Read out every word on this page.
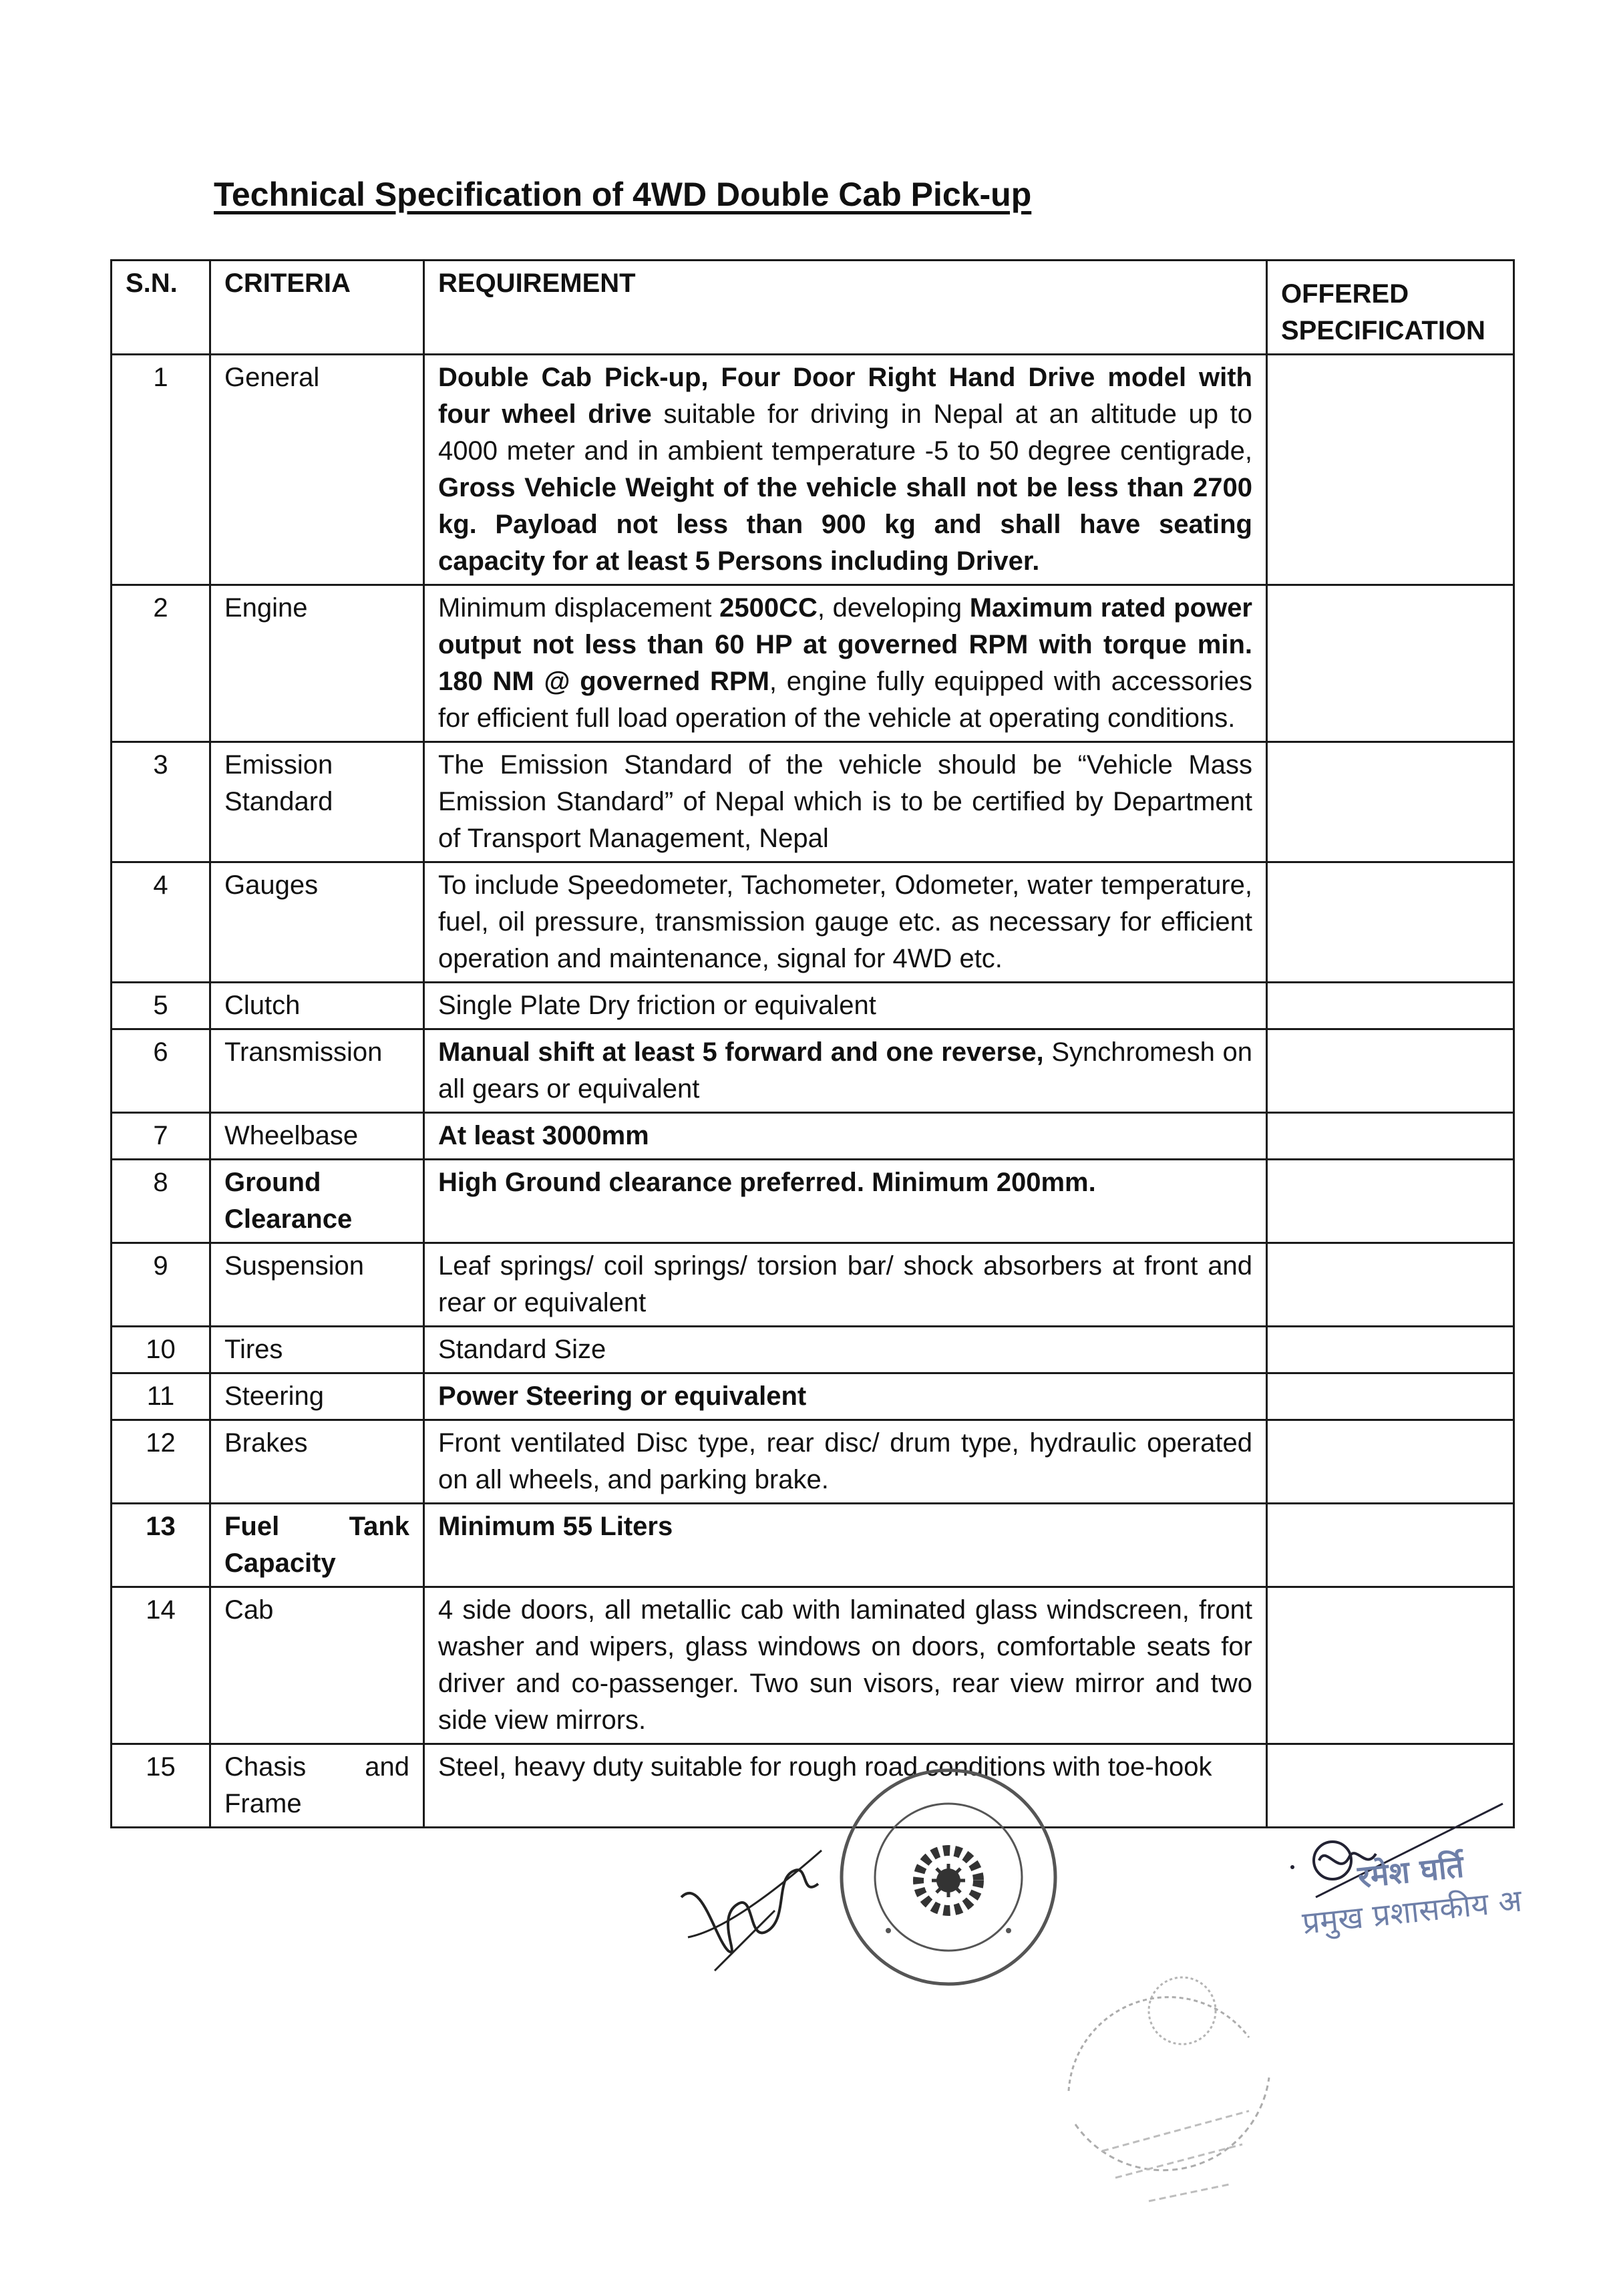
Technical Specification of 4WD Double Cab Pick-up
S.N.	CRITERIA	REQUIREMENT	OFFERED SPECIFICATION
1	General	Double Cab Pick-up, Four Door Right Hand Drive model with four wheel drive suitable for driving in Nepal at an altitude up to 4000 meter and in ambient temperature -5 to 50 degree centigrade, Gross Vehicle Weight of the vehicle shall not be less than 2700 kg. Payload not less than 900 kg and shall have seating capacity for at least 5 Persons including Driver.	
2	Engine	Minimum displacement 2500CC, developing Maximum rated power output not less than 60 HP at governed RPM with torque min. 180 NM @ governed RPM, engine fully equipped with accessories for efficient full load operation of the vehicle at operating conditions.	
3	Emission Standard	The Emission Standard of the vehicle should be “Vehicle Mass Emission Standard” of Nepal which is to be certified by Department of Transport Management, Nepal	
4	Gauges	To include Speedometer, Tachometer, Odometer, water temperature, fuel, oil pressure, transmission gauge etc. as necessary for efficient operation and maintenance, signal for 4WD etc.	
5	Clutch	Single Plate Dry friction or equivalent	
6	Transmission	Manual shift at least 5 forward and one reverse, Synchromesh on all gears or equivalent	
7	Wheelbase	At least 3000mm	
8	Ground Clearance	High Ground clearance preferred. Minimum 200mm.	
9	Suspension	Leaf springs/ coil springs/ torsion bar/ shock absorbers at front and rear or equivalent	
10	Tires	Standard Size	
11	Steering	Power Steering or equivalent	
12	Brakes	Front ventilated Disc type, rear disc/ drum type, hydraulic operated on all wheels, and parking brake.	
13	Fuel Tank Capacity	Minimum 55 Liters	
14	Cab	4 side doors, all metallic cab with laminated glass windscreen, front washer and wipers, glass windows on doors, comfortable seats for driver and co-passenger. Two sun visors, rear view mirror and two side view mirrors.	
15	Chasis and Frame	Steel, heavy duty suitable for rough road conditions with toe-hook	
रमेश घर्ति
प्रमुख प्रशासकीय अ
